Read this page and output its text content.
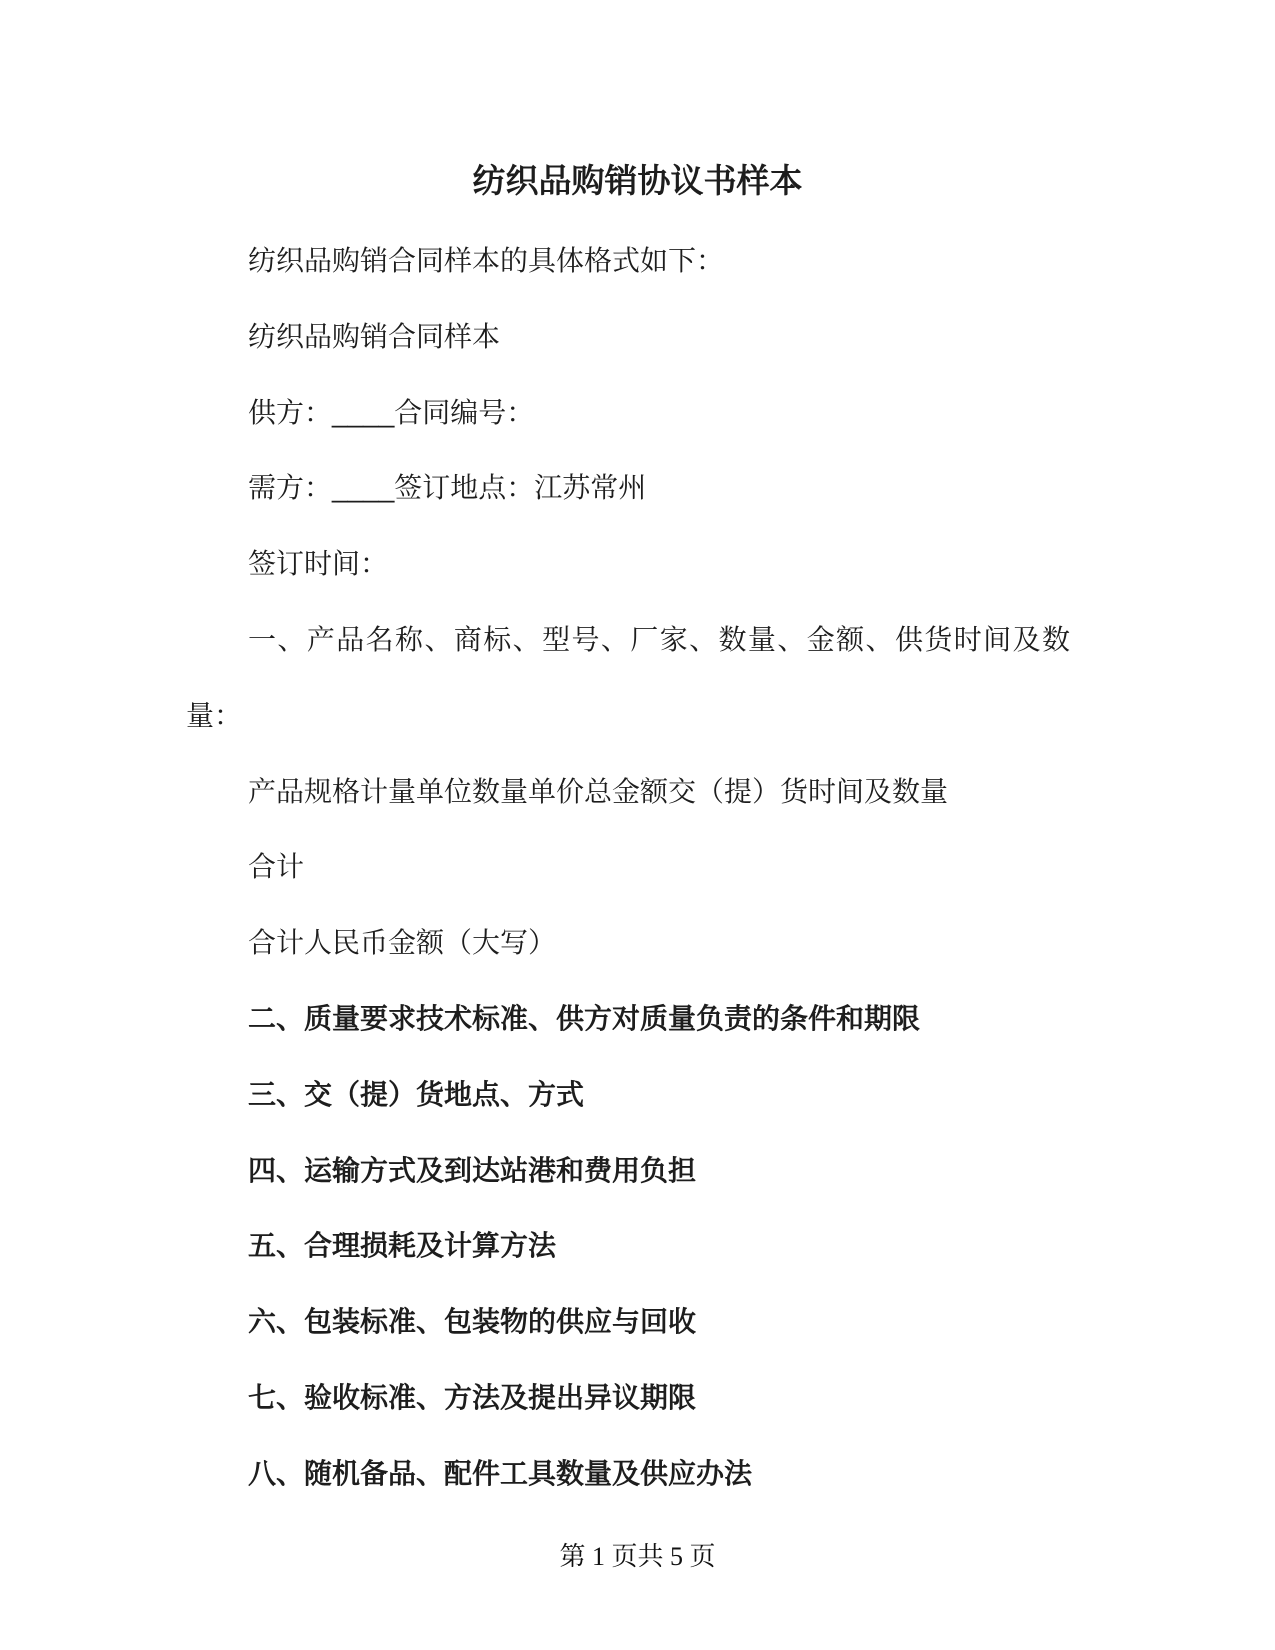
纺织品购销协议书样本
纺织品购销合同样本的具体格式如下：
纺织品购销合同样本
供方：____合同编号：
需方：____签订地点：江苏常州
签订时间：
一、产品名称、商标、型号、厂家、数量、金额、供货时间及数量：
产品规格计量单位数量单价总金额交（提）货时间及数量
合计
合计人民币金额（大写）
二、质量要求技术标准、供方对质量负责的条件和期限
三、交（提）货地点、方式
四、运输方式及到达站港和费用负担
五、合理损耗及计算方法
六、包装标准、包装物的供应与回收
七、验收标准、方法及提出异议期限
八、随机备品、配件工具数量及供应办法
第 1 页共 5 页
